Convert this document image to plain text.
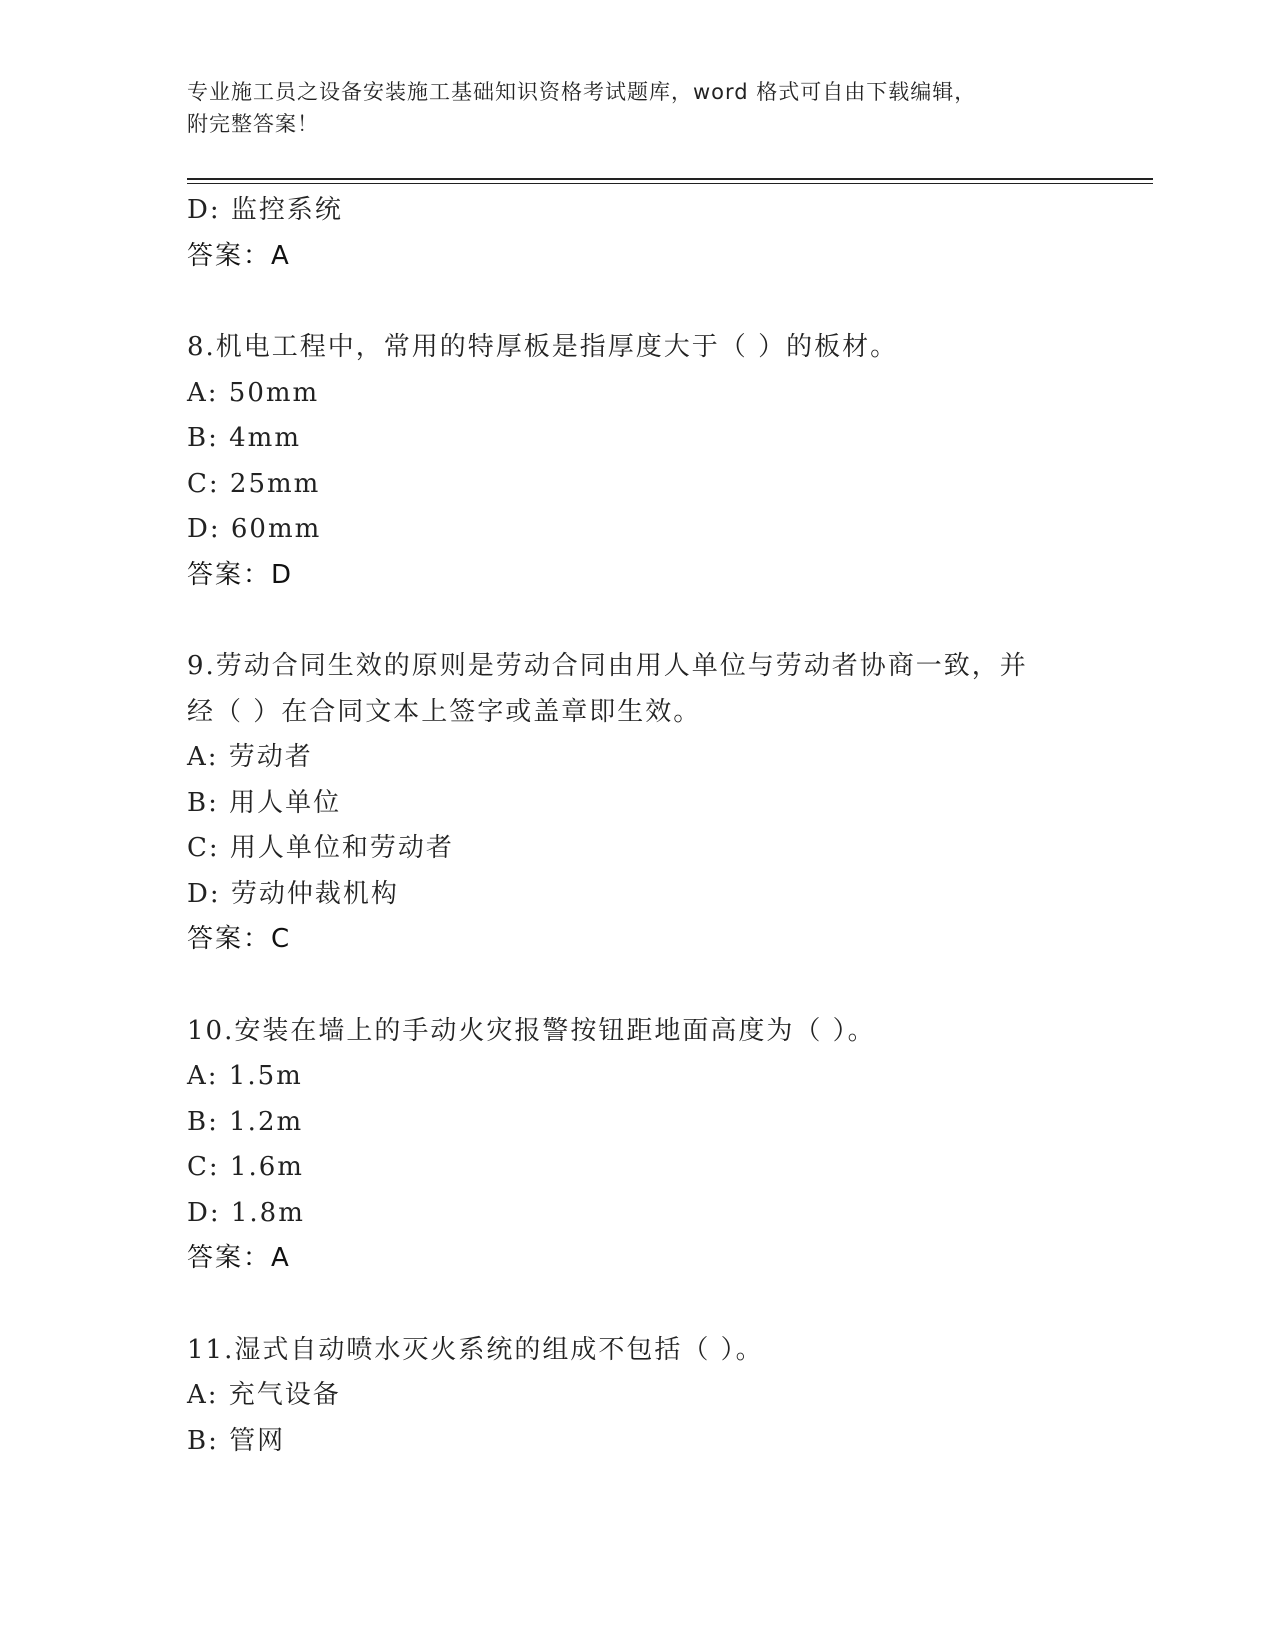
专业施工员之设备安装施工基础知识资格考试题库，word 格式可自由下载编辑，
附完整答案！
D: 监控系统
答案：A
8.机电工程中，常用的特厚板是指厚度大于（ ）的板材。
A: 50mm
B: 4mm
C: 25mm
D: 60mm
答案：D
9.劳动合同生效的原则是劳动合同由用人单位与劳动者协商一致，并
经（ ）在合同文本上签字或盖章即生效。
A: 劳动者
B: 用人单位
C: 用人单位和劳动者
D: 劳动仲裁机构
答案：C
10.安装在墙上的手动火灾报警按钮距地面高度为（ ）。
A: 1.5m
B: 1.2m
C: 1.6m
D: 1.8m
答案：A
11.湿式自动喷水灭火系统的组成不包括（ ）。
A: 充气设备
B: 管网
